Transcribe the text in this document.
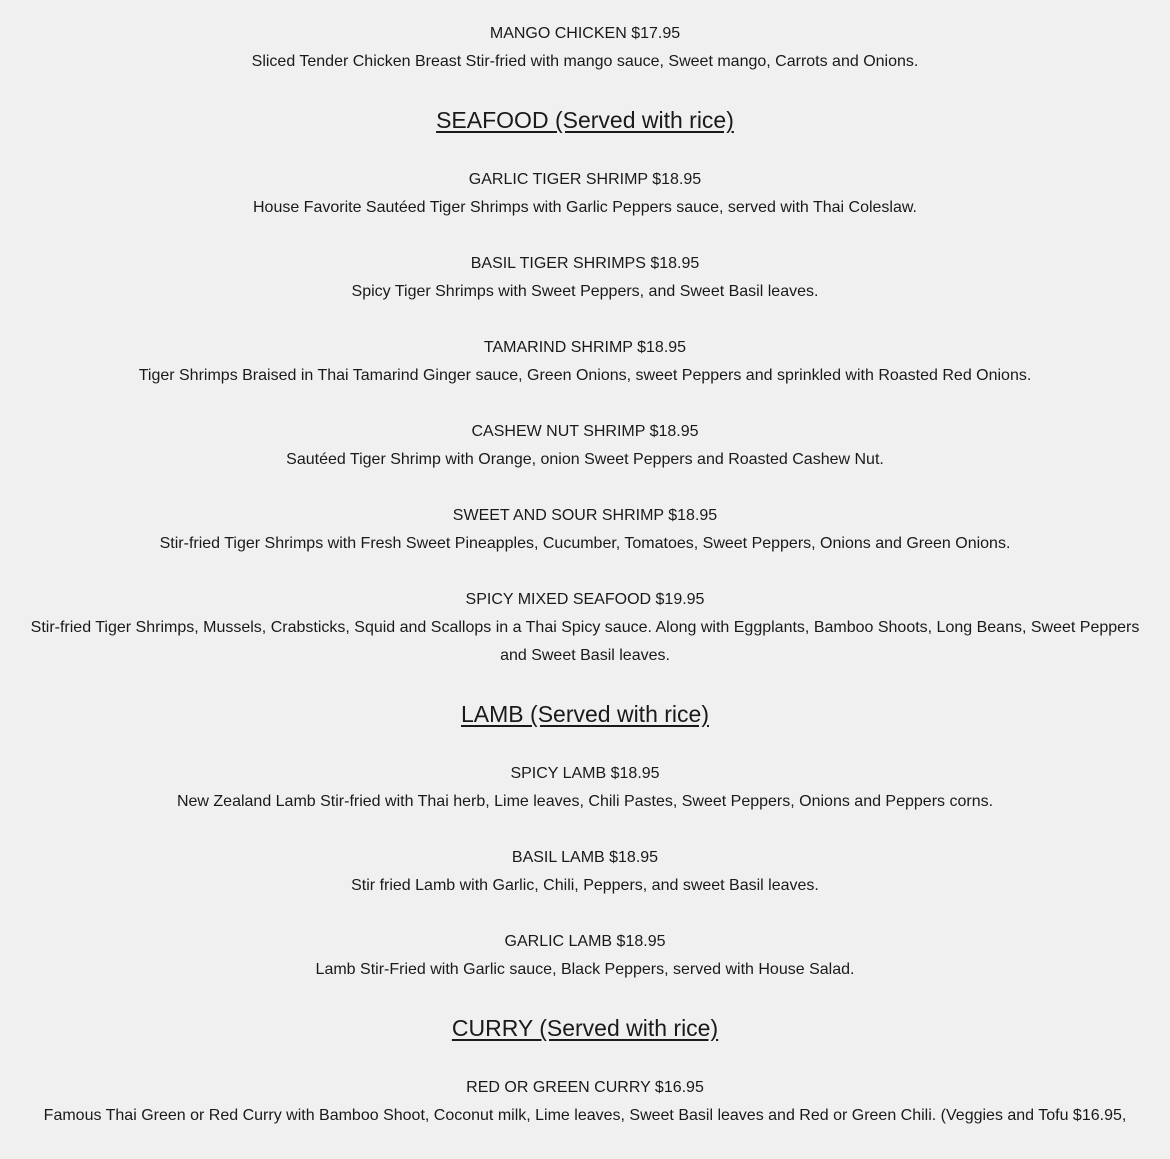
MANGO CHICKEN $17.95

Sliced Tender Chicken Breast Stir-fried with mango sauce, Sweet mango, Carrots and Onions.

SEAFOOD (Served with rice)

GARLIC TIGER SHRIMP $18.95

House Favorite Sautéed Tiger Shrimps with Garlic Peppers sauce, served with Thai Coleslaw.

BASIL TIGER SHRIMPS $18.95

Spicy Tiger Shrimps with Sweet Peppers, and Sweet Basil leaves.

TAMARIND SHRIMP $18.95

Tiger Shrimps Braised in Thai Tamarind Ginger sauce, Green Onions, sweet Peppers and sprinkled with Roasted Red Onions.

CASHEW NUT SHRIMP $18.95

Sautéed Tiger Shrimp with Orange, onion Sweet Peppers and Roasted Cashew Nut.

SWEET AND SOUR SHRIMP $18.95

Stir-fried Tiger Shrimps with Fresh Sweet Pineapples, Cucumber, Tomatoes, Sweet Peppers, Onions and Green Onions.

SPICY MIXED SEAFOOD $19.95

Stir-fried Tiger Shrimps, Mussels, Crabsticks, Squid and Scallops in a Thai Spicy sauce. Along with Eggplants, Bamboo Shoots, Long Beans, Sweet Peppers and Sweet Basil leaves.

LAMB (Served with rice)

SPICY LAMB $18.95

New Zealand Lamb Stir-fried with Thai herb, Lime leaves, Chili Pastes, Sweet Peppers, Onions and Peppers corns.

BASIL LAMB $18.95

Stir fried Lamb with Garlic, Chili, Peppers, and sweet Basil leaves.

GARLIC LAMB $18.95

Lamb Stir-Fried with Garlic sauce, Black Peppers, served with House Salad.

CURRY (Served with rice)

RED OR GREEN CURRY $16.95

Famous Thai Green or Red Curry with Bamboo Shoot, Coconut milk, Lime leaves, Sweet Basil leaves and Red or Green Chili. (Veggies and Tofu $16.95,
